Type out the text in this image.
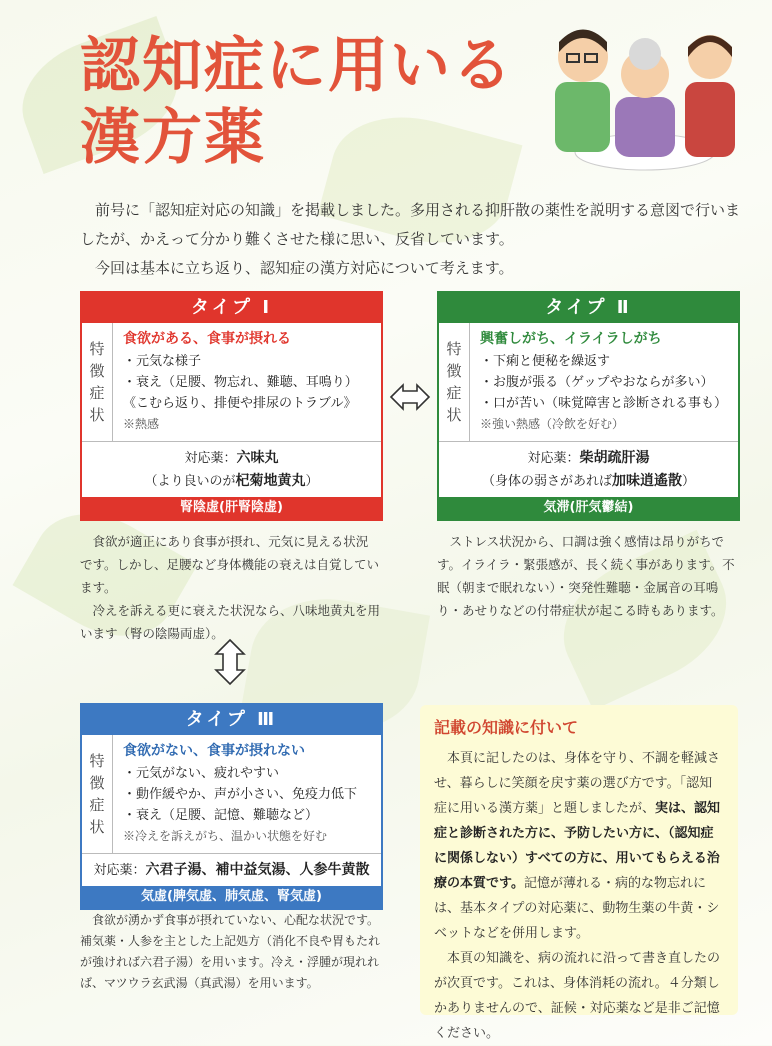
認知症に用いる
漢方薬

前号に「認知症対応の知識」を掲載しました。多用される抑肝散の薬性を説明する意図で行いましたが、かえって分かり難くさせた様に思い、反省しています。

今回は基本に立ち返り、認知症の漢方対応について考えます。

タイプ Ⅰ
特
徴
症
状
食欲がある、食事が摂れる
・元気な様子
・衰え（足腰、物忘れ、難聴、耳鳴り）
《こむら返り、排便や排尿のトラブル》
※熱感
対応薬：六味丸
（より良いのが杞菊地黄丸）
腎陰虚(肝腎陰虚)
タイプ Ⅱ
特
徴
症
状
興奮しがち、イライラしがち
・下痢と便秘を繰返す
・お腹が張る（ゲップやおならが多い）
・口が苦い（味覚障害と診断される事も）
※強い熱感（冷飲を好む）
対応薬：柴胡疏肝湯
（身体の弱さがあれば加味逍遙散）
気滞(肝気鬱結)

食欲が適正にあり食事が摂れ、元気に見える状況です。しかし、足腰など身体機能の衰えは自覚しています。

冷えを訴える更に衰えた状況なら、八味地黄丸を用います（腎の陰陽両虚）。

ストレス状況から、口調は強く感情は昂りがちです。イライラ・緊張感が、長く続く事があります。不眠（朝まで眠れない）・突発性難聴・金属音の耳鳴り・あせりなどの付帯症状が起こる時もあります。

タイプ Ⅲ
特
徴
症
状
食欲がない、食事が摂れない
・元気がない、疲れやすい
・動作緩やか、声が小さい、免疫力低下
・衰え（足腰、記憶、難聴など）
※冷えを訴えがち、温かい状態を好む
対応薬：六君子湯、補中益気湯、人参牛黄散
気虚(脾気虚、肺気虚、腎気虚)

食欲が湧かず食事が摂れていない、心配な状況です。補気薬・人参を主とした上記処方（消化不良や胃もたれが強ければ六君子湯）を用います。冷え・浮腫が現れれば、マツウラ玄武湯（真武湯）を用います。

記載の知識に付いて

本頁に記したのは、身体を守り、不調を軽減させ、暮らしに笑顔を戻す薬の選び方です。「認知症に用いる漢方薬」と題しましたが、実は、認知症と診断された方に、予防したい方に、（認知症に関係しない）すべての方に、用いてもらえる治療の本質です。記憶が薄れる・病的な物忘れには、基本タイプの対応薬に、動物生薬の牛黄・シベットなどを併用します。

本頁の知識を、病の流れに沿って書き直したのが次頁です。これは、身体消耗の流れ。４分類しかありませんので、証候・対応薬など是非ご記憶ください。
